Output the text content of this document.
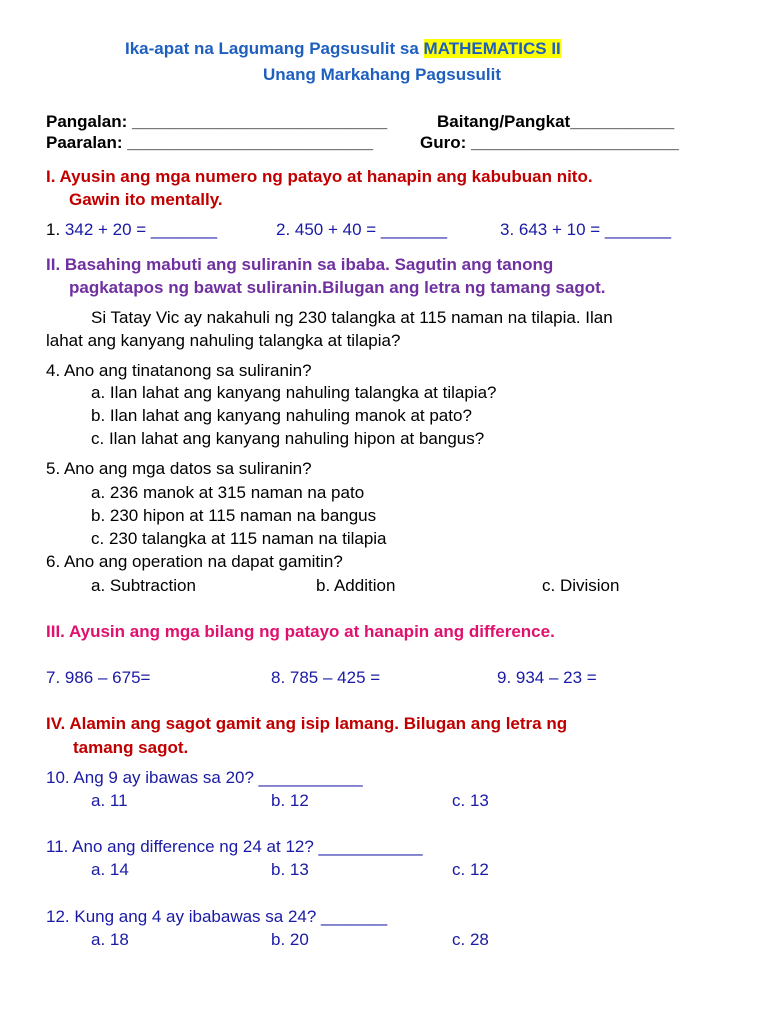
Ika-apat na Lagumang Pagsusulit sa MATHEMATICS II
Unang Markahang Pagsusulit
Pangalan: ___________________________	Baitang/Pangkat___________
Paaralan: __________________________	Guro: ______________________
I. Ayusin ang mga numero ng patayo at hanapin ang kabubuan nito.
Gawin ito mentally.
1. 342 + 20 = _______	2. 450 + 40 = _______	3. 643 + 10 = _______
II. Basahing mabuti ang suliranin sa ibaba. Sagutin ang tanong
pagkatapos ng bawat suliranin.Bilugan ang letra ng tamang sagot.
Si Tatay Vic ay nakahuli ng 230 talangka at 115 naman na tilapia. Ilan
lahat ang kanyang nahuling talangka at tilapia?
4. Ano ang tinatanong sa suliranin?
a. Ilan lahat ang kanyang nahuling talangka at tilapia?
b. Ilan lahat ang kanyang nahuling manok at pato?
c. Ilan lahat ang kanyang nahuling hipon at bangus?
5. Ano ang mga datos sa suliranin?
a. 236 manok at 315 naman na pato
b. 230 hipon at 115 naman na bangus
c. 230 talangka at 115 naman na tilapia
6. Ano ang operation na dapat gamitin?
a. Subtraction	b. Addition	c. Division
III. Ayusin ang mga bilang ng patayo at hanapin ang difference.
7. 986 – 675=	8. 785 – 425 =	9. 934 – 23 =
IV. Alamin ang sagot gamit ang isip lamang. Bilugan ang letra ng
tamang sagot.
10. Ang 9 ay ibawas sa 20? ___________
a. 11	b. 12	c. 13
11. Ano ang difference ng 24 at 12? ___________
a. 14	b. 13	c. 12
12. Kung ang 4 ay ibabawas sa 24? _______
a. 18	b. 20	c. 28
